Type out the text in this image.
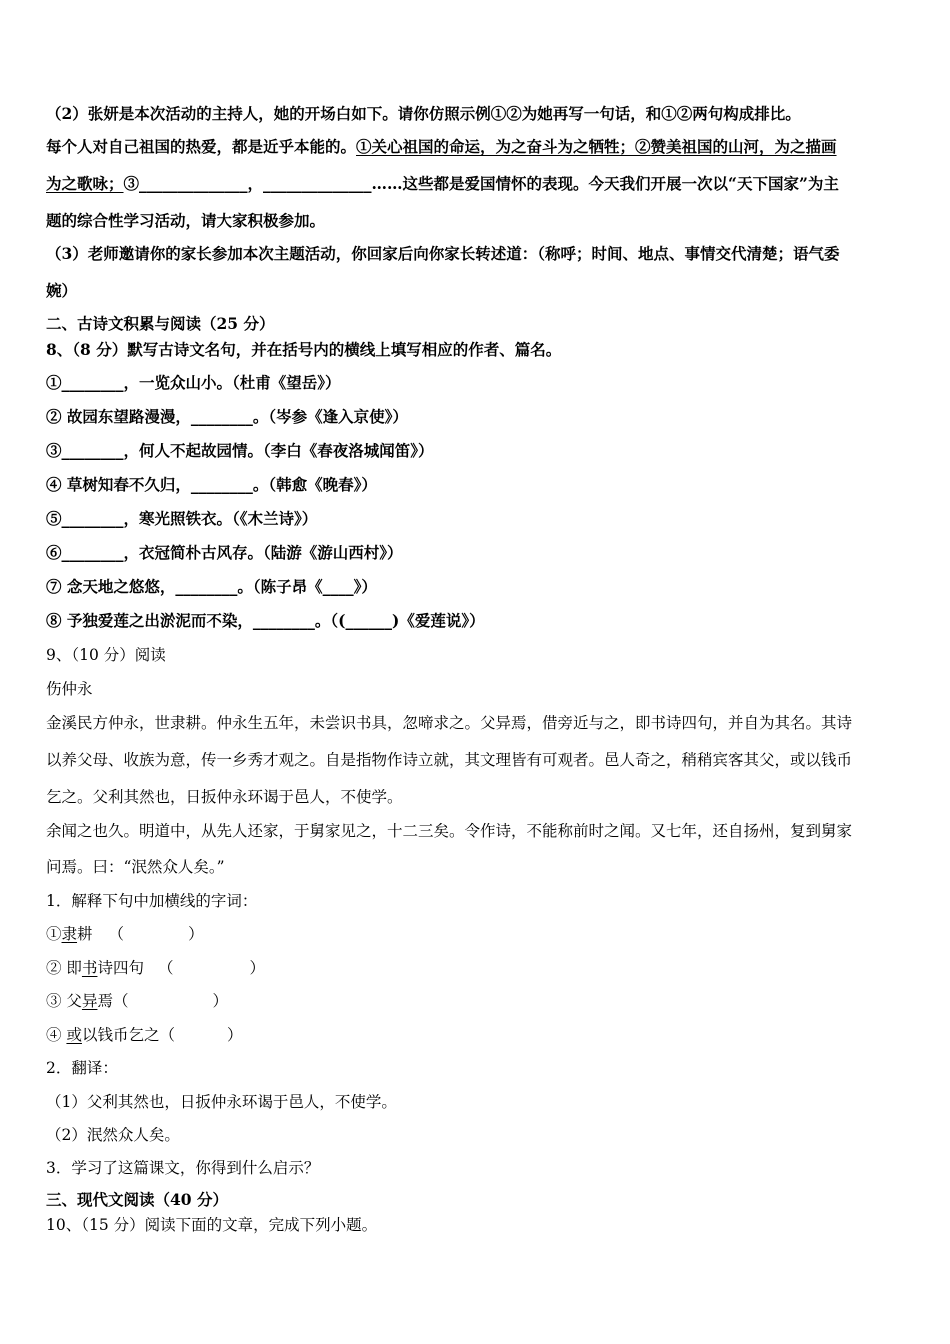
（2）张妍是本次活动的主持人，她的开场白如下。请你仿照示例①②为她再写一句话，和①②两句构成排比。
每个人对自己祖国的热爱，都是近乎本能的。①关心祖国的命运，为之奋斗为之牺牲；②赞美祖国的山河，为之描画
为之歌咏；③______________，______________……这些都是爱国情怀的表现。今天我们开展一次以“天下国家”为主
题的综合性学习活动，请大家积极参加。
（3）老师邀请你的家长参加本次主题活动，你回家后向你家长转述道：（称呼；时间、地点、事情交代清楚；语气委
婉）
二、古诗文积累与阅读（25 分）
8、（8 分）默写古诗文名句，并在括号内的横线上填写相应的作者、篇名。
①________，一览众山小。（杜甫《望岳》）
② 故园东望路漫漫，________。（岑参《逢入京使》）
③________，何人不起故园情。（李白《春夜洛城闻笛》）
④ 草树知春不久归，________。（韩愈《晚春》）
⑤________，寒光照铁衣。（《木兰诗》）
⑥________，衣冠简朴古风存。（陆游《游山西村》）
⑦ 念天地之悠悠，________。（陈子昂《____》）
⑧ 予独爱莲之出淤泥而不染，________。（(______)《爱莲说》）
9、（10 分）阅读
伤仲永
金溪民方仲永，世隶耕。仲永生五年，未尝识书具，忽啼求之。父异焉，借旁近与之，即书诗四句，并自为其名。其诗
以养父母、收族为意，传一乡秀才观之。自是指物作诗立就，其文理皆有可观者。邑人奇之，稍稍宾客其父，或以钱币
乞之。父利其然也，日扳仲永环谒于邑人，不使学。
余闻之也久。明道中，从先人还家，于舅家见之，十二三矣。令作诗，不能称前时之闻。又七年，还自扬州，复到舅家
问焉。曰：“泯然众人矣。”
1．解释下句中加横线的字词：
①隶耕 （	）
② 即书诗四句 （	）
③ 父异焉（	）
④ 或以钱币乞之（	）
2．翻译：
（1）父利其然也，日扳仲永环谒于邑人，不使学。
（2）泯然众人矣。
3．学习了这篇课文，你得到什么启示？
三、现代文阅读（40 分）
10、（15 分）阅读下面的文章，完成下列小题。
